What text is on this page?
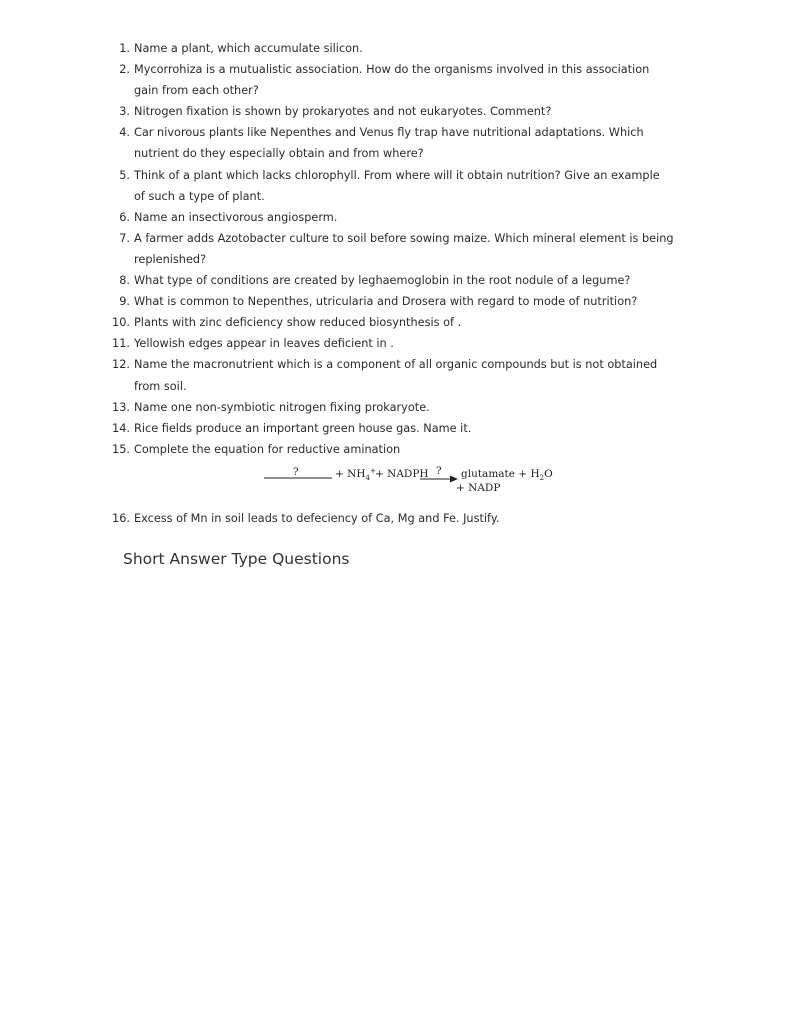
1. Name a plant, which accumulate silicon.
2. Mycorrohiza is a mutualistic association. How do the organisms involved in this association gain from each other?
3. Nitrogen fixation is shown by prokaryotes and not eukaryotes. Comment?
4. Car nivorous plants like Nepenthes and Venus fly trap have nutritional adaptations. Which nutrient do they especially obtain and from where?
5. Think of a plant which lacks chlorophyll. From where will it obtain nutrition? Give an example of such a type of plant.
6. Name an insectivorous angiosperm.
7. A farmer adds Azotobacter culture to soil before sowing maize. Which mineral element is being replenished?
8. What type of conditions are created by leghaemoglobin in the root nodule of a legume?
9. What is common to Nepenthes, utricularia and Drosera with regard to mode of nutrition?
10. Plants with zinc deficiency show reduced biosynthesis of .
11. Yellowish edges appear in leaves deficient in .
12. Name the macronutrient which is a component of all organic compounds but is not obtained from soil.
13. Name one non-symbiotic nitrogen fixing prokaryote.
14. Rice fields produce an important green house gas. Name it.
15. Complete the equation for reductive amination
?	+ $NH_4^+$ + NADPH ? glutamate + $H_2O$
+ NADP
16. Excess of Mn in soil leads to defeciency of Ca, Mg and Fe. Justify.
Short Answer Type Questions
